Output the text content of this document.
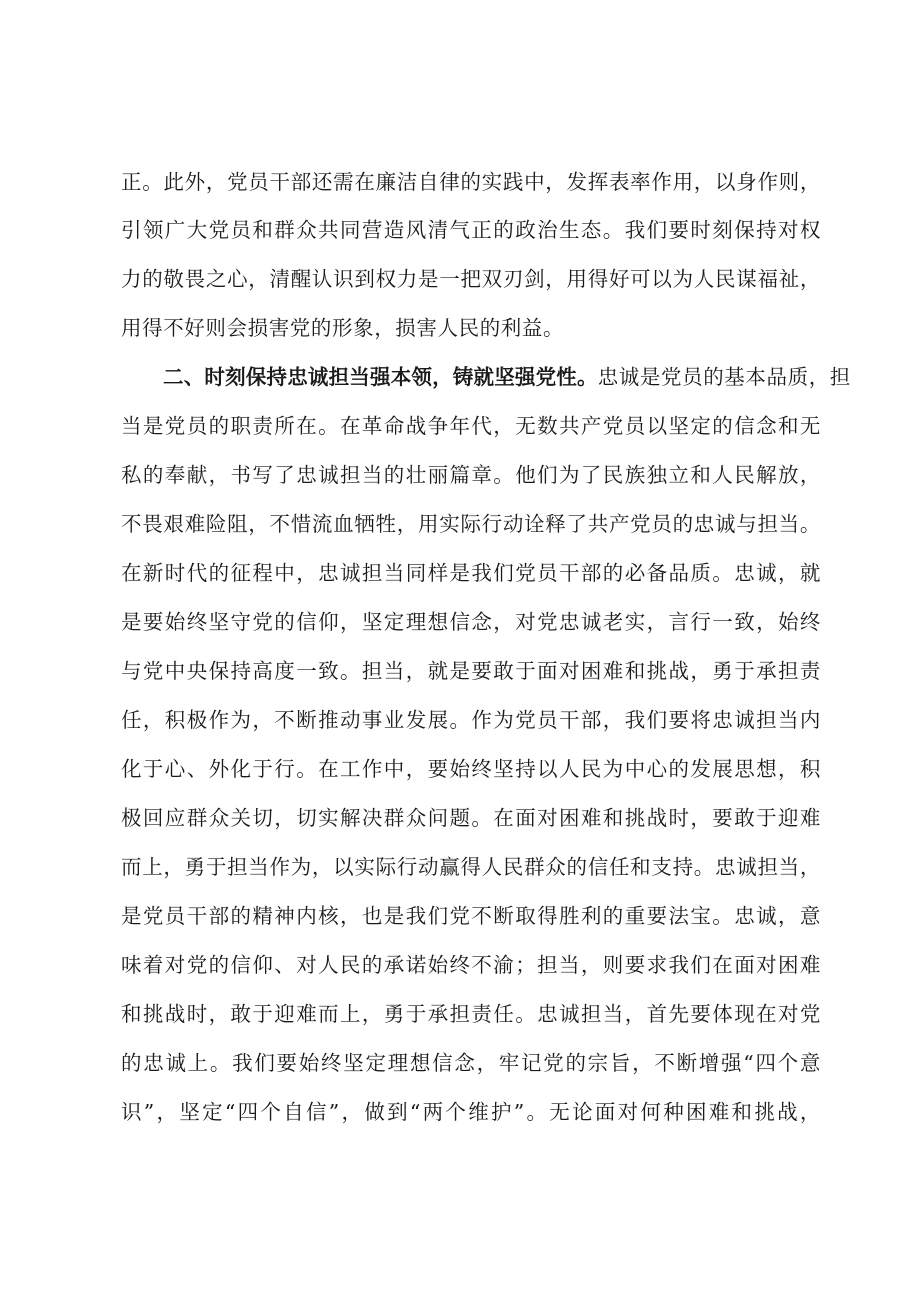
正。此外，党员干部还需在廉洁自律的实践中，发挥表率作用，以身作则，
引领广大党员和群众共同营造风清气正的政治生态。我们要时刻保持对权
力的敬畏之心，清醒认识到权力是一把双刃剑，用得好可以为人民谋福祉，
用得不好则会损害党的形象，损害人民的利益。
二、时刻保持忠诚担当强本领，铸就坚强党性。忠诚是党员的基本品质，担
当是党员的职责所在。在革命战争年代，无数共产党员以坚定的信念和无
私的奉献，书写了忠诚担当的壮丽篇章。他们为了民族独立和人民解放，
不畏艰难险阻，不惜流血牺牲，用实际行动诠释了共产党员的忠诚与担当。
在新时代的征程中，忠诚担当同样是我们党员干部的必备品质。忠诚，就
是要始终坚守党的信仰，坚定理想信念，对党忠诚老实，言行一致，始终
与党中央保持高度一致。担当，就是要敢于面对困难和挑战，勇于承担责
任，积极作为，不断推动事业发展。作为党员干部，我们要将忠诚担当内
化于心、外化于行。在工作中，要始终坚持以人民为中心的发展思想，积
极回应群众关切，切实解决群众问题。在面对困难和挑战时，要敢于迎难
而上，勇于担当作为，以实际行动赢得人民群众的信任和支持。忠诚担当，
是党员干部的精神内核，也是我们党不断取得胜利的重要法宝。忠诚，意
味着对党的信仰、对人民的承诺始终不渝；担当，则要求我们在面对困难
和挑战时，敢于迎难而上，勇于承担责任。忠诚担当，首先要体现在对党
的忠诚上。我们要始终坚定理想信念，牢记党的宗旨，不断增强“四个意
识”，坚定“四个自信”，做到“两个维护”。无论面对何种困难和挑战，
